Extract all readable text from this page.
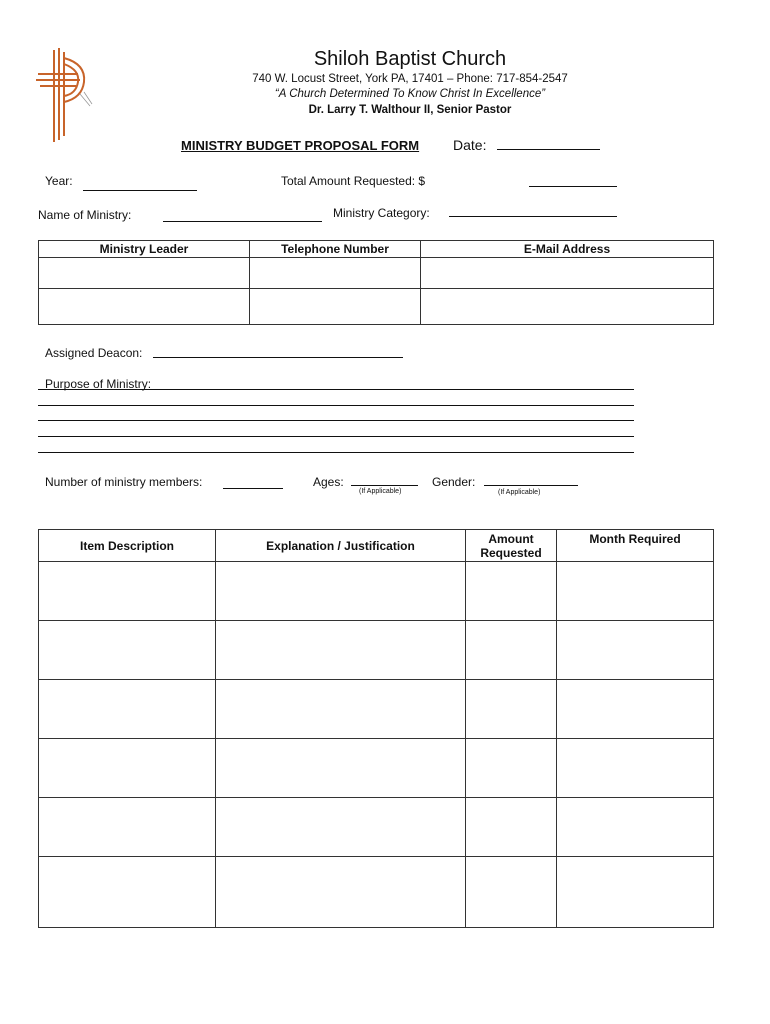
Shiloh Baptist Church
740 W. Locust Street, York PA, 17401 – Phone: 717-854-2547
“A Church Determined To Know Christ In Excellence”
Dr. Larry T. Walthour II, Senior Pastor
MINISTRY BUDGET PROPOSAL FORM Date:
Year:	Total Amount Requested: $
Name of Ministry:	Ministry Category:
Ministry Leader	Telephone Number	E-Mail Address

Assigned Deacon:
Purpose of Ministry:
Number of ministry members:	Ages:
(If Applicable)
Gender:
(If Applicable)
Item Description	Explanation / Justification	Amount Requested	Month Required
